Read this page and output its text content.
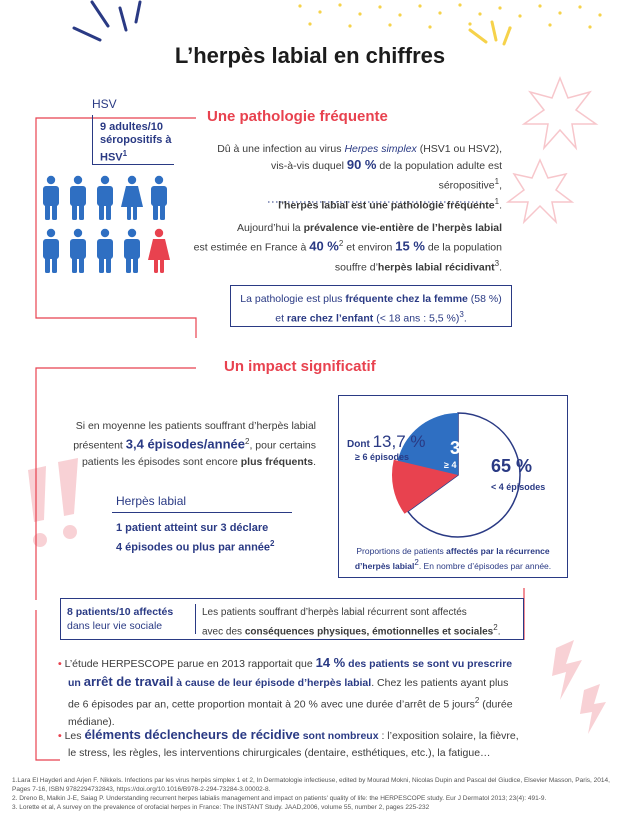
L’herpès labial en chiffres
HSV
9 adultes/10 séropositifs à HSV$^1$
Une pathologie fréquente
Dû à une infection au virus Herpes simplex (HSV1 ou HSV2),
vis-à-vis duquel 90 % de la population adulte est séropositive$^1$,
l’herpès labial est une pathologie fréquente$^1$.
Aujourd’hui la prévalence vie-entière de l’herpès labial
est estimée en France à 40 %$^2$ et environ 15 % de la population
souffre d’herpès labial récidivant$^3$.
La pathologie est plus fréquente chez la femme (58 %)
et rare chez l’enfant (< 18 ans : 5,5 %)$^3$.
Un impact significatif
Si en moyenne les patients souffrant d’herpès labial
présentent 3,4 épisodes/année$^2$, pour certains
patients les épisodes sont encore plus fréquents.
Herpès labial
1 patient atteint sur 3 déclare
4 épisodes ou plus par année$^2$
Dont 13,7 %
≥ 6 épisodes 35 %
≥ 4 épisodes
65 %
< 4 épisodes
Proportions de patients affectés par la récurrence
d’herpès labial2. En nombre d’épisodes par année.
8 patients/10 affectés
dans leur vie sociale
Les patients souffrant d’herpès labial récurrent sont affectés
avec des conséquences physiques, émotionnelles et sociales$^2$.
• L’étude HERPESCOPE parue en 2013 rapportait que 14 % des patients se sont vu prescrire
un arrêt de travail à cause de leur épisode d’herpès labial. Chez les patients ayant plus
de 6 épisodes par an, cette proportion montait à 20 % avec une durée d’arrêt de 5 jours$^2$ (durée
médiane).
• Les éléments déclencheurs de récidive sont nombreux : l’exposition solaire, la fièvre,
le stress, les règles, les interventions chirurgicales (dentaire, esthétiques, etc.), la fatigue…
1.Lara El Hayderi and Arjen F. Nikkels. Infections par les virus herpès simplex 1 et 2, In Dermatologie infectieuse, edited by Mourad Mokni, Nicolas Dupin and Pascal del Giudice, Elsevier Masson, Paris, 2014, Pages 7-16, ISBN 9782294732843, https://doi.org/10.1016/B978-2-294-73284-3.00002-8.
2. Dreno B, Malkin J-E, Saiag P. Understanding recurrent herpes labialis management and impact on patients' quality of life: the HERPESCOPE study. Eur J Dermatol 2013; 23(4): 491-9.
3. Lorette et al, A survey on the prevalence of orofacial herpes in France: The INSTANT Study. JAAD,2006, volume 55, number 2, pages 225-232
